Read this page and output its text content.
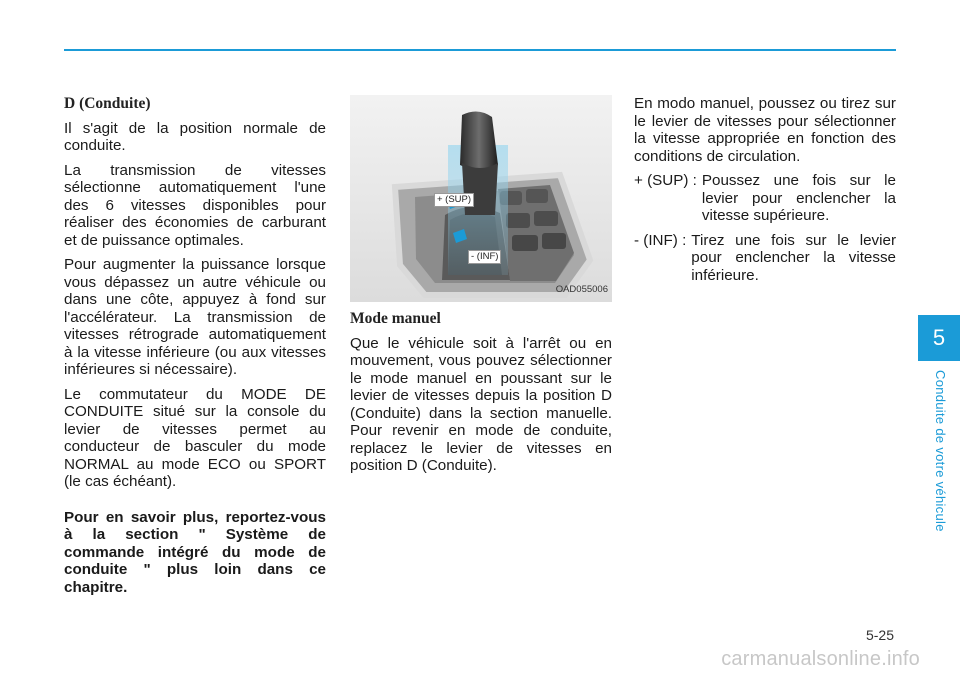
D (Conduite)

Il s'agit de la position normale de conduite.

La transmission de vitesses sélectionne automatiquement l'une des 6 vitesses disponibles pour réaliser des économies de carburant et de puissance optimales.

Pour augmenter la puissance lorsque vous dépassez un autre véhicule ou dans une côte, appuyez à fond sur l'accélérateur. La transmission de vitesses rétrograde automatiquement à la vitesse inférieure (ou aux vitesses inférieures si nécessaire).

Le commutateur du MODE DE CONDUITE situé sur la console du levier de vitesses permet au conducteur de basculer du mode NORMAL au mode ECO ou SPORT (le cas échéant).

Pour en savoir plus, reportez-vous à la section " Système de commande intégré du mode de conduite " plus loin dans ce chapitre.

+ (SUP)
- (INF)
OAD055006

Mode manuel

Que le véhicule soit à l'arrêt ou en mouvement, vous pouvez sélectionner le mode manuel en poussant sur le levier de vitesses depuis la position D (Conduite) dans la section manuelle. Pour revenir en mode de conduite, replacez le levier de vitesses en position D (Conduite).

En modo manuel, poussez ou tirez sur le levier de vitesses pour sélectionner la vitesse appropriée en fonction des conditions de circulation.

+ (SUP) : Poussez une fois sur le levier pour enclencher la vitesse supérieure.
- (INF) : Tirez une fois sur le levier pour enclencher la vitesse inférieure.
5
Conduite de votre véhicule
5-25
carmanualsonline.info
